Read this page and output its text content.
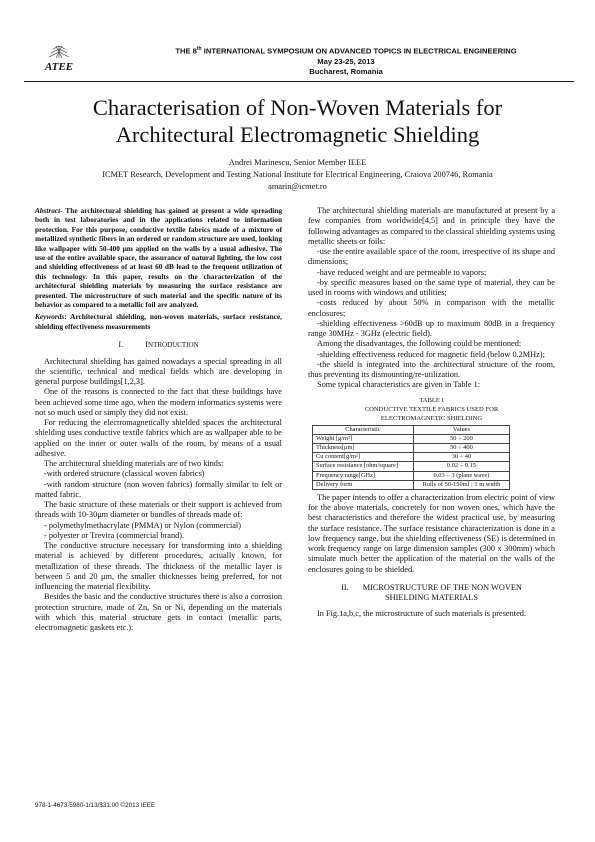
ATEE
THE 8th INTERNATIONAL SYMPOSIUM ON ADVANCED TOPICS IN ELECTRICAL ENGINEERING
May 23-25, 2013
Bucharest, Romania
Characterisation of Non-Woven Materials for
Architectural Electromagnetic Shielding
Andrei Marinescu, Senior Member IEEE
ICMET Research, Development and Testing National Institute for Electrical Engineering, Craiova 200746, Romania
amarin@icmet.ro

Abstract- The architectural shielding has gained at present a wide spreading both in test laboratories and in the applications related to information protection. For this purpose, conductive textile fabrics made of a mixture of metallized synthetic fibers in an ordered or random structure are used, looking like wallpaper with 50-400 μm applied on the walls by a usual adhesive. The use of the entire available space, the assurance of natural lighting, the low cost and shielding effectiveness of at least 60 dB lead to the frequent utilization of this technology. In this paper, results on the characterization of the architectural shielding materials by measuring the surface resistance are presented. The microstructure of such material and the specific nature of its behavior as compared to a metallic foil are analyzed.

Keywords: Architectural shielding, non-woven materials, surface resistance, shielding effectiveness measurements

I.	INTRODUCTION

Architectural shielding has gained nowadays a special spreading in all the scientific, technical and medical fields which are developing in general purpose buildings[1,2,3].

One of the reasons is connected to the fact that these buildings have been achieved some time ago, when the modern informatics systems were not so much used or simply they did not exist.

For reducing the electromagnetically shielded spaces the architectural shielding uses conductive textile fabrics which are as wallpaper able to be applied on the inner or outer walls of the room, by means of a usual adhesive.

The architectural shielding materials are of two kinds:

-with ordered structure (classical woven fabrics)

-with random structure (non woven fabrics) formally similar to felt or matted fabric.

The basic structure of these materials or their support is achieved from threads with 10-30μm diameter or bundles of threads made of:

- polymethylmethacrylate (PMMA) or Nylon (commercial)

- polyester or Trevira (commercial brand).

The conductive structure necessary for transforming into a shielding material is achieved by different procedures, actually known, for metallization of these threads. The thickness of the metallic layer is between 5 and 20 μm, the smaller thicknesses being preferred, for not influencing the material flexibility.

Besides the basic and the conductive structures there is also a corrosion protection structure, made of Zn, Sn or Ni, depending on the materials with which this material structure gets in contact (metallic parts, electromagnetic gaskets etc.).

The architectural shielding materials are manufactured at present by a few companies from worldwide[4,5] and in principle they have the following advantages as compared to the classical shielding systems using metallic sheets or foils:

-use the entire available space of the room, irrespective of its shape and dimensions;

-have reduced weight and are permeable to vapors;

-by specific measures based on the same type of material, they can be used in rooms with windows and utilities;

-costs reduced by about 50% in comparison with the metallic enclosures;

-shielding effectiveness >60dB up to maximum 80dB in a frequency range 30MHz - 3GHz (electric field).

Among the disadvantages, the following could be mentioned:

-shielding effectiveness reduced for magnetic field (below 0.2MHz);

-the shield is integrated into the architectural structure of the room, thus preventing its dismounting/re-utilization.

Some typical characteristics are given in Table 1:

TABLE I
CONDUCTIVE TEXTILE FABRICS USED FOR
ELECTROMAGNETIC SHIELDING

Characteristic	Values
Weight [g/m²]	50 ÷ 200
Thickness[μm]	50 ÷ 400
Cu content[g/m²]	30 ÷ 40
Surface resistance [ohm/square]	0.02 ÷ 0.15
Frequency range[GHz]	0.03 ÷ 3 (plane wave)
Delivery form	Rolls of 50-150ml ; 1 m width

The paper intends to offer a characterization from electric point of view for the above materials, concretely for non woven ones, which have the best characteristics and therefore the widest practical use, by measuring the surface resistance. The surface resistance characterization is done in a low frequency range, but the shielding effectiveness (SE) is determined in work frequency range on large dimension samples (300 x 300mm) which simulate much better the application of the material on the walls of the enclosures going to be shielded.

II. MICROSTRUCTURE OF THE NON WOVEN
SHIELDING MATERIALS

In Fig.1a,b,c, the microstructure of such materials is presented.

978-1-4673-5980-1/13/$31.00 ©2013 IEEE
